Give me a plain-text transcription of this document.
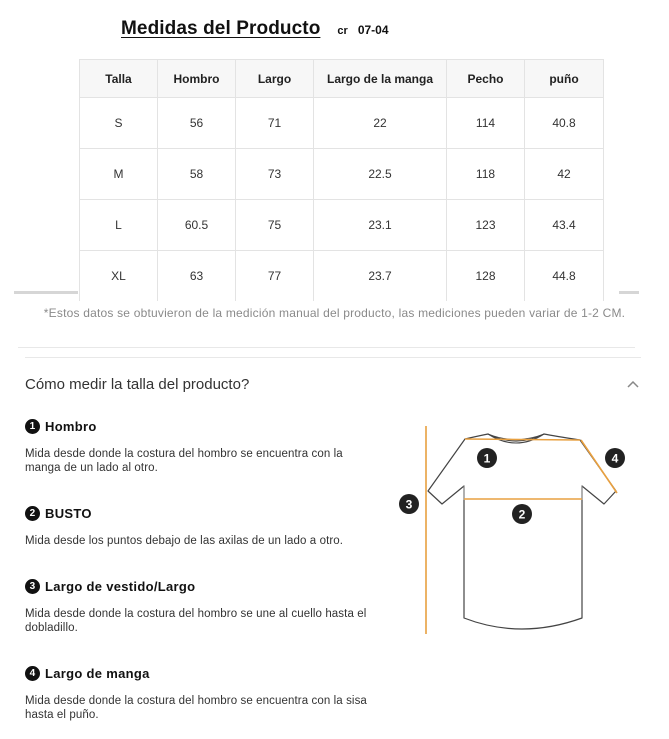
Medidas del Producto cr 07-04
Talla	Hombro	Largo	Largo de la manga	Pecho	puño
S	56	71	22	114	40.8
M	58	73	22.5	118	42
L	60.5	75	23.1	123	43.4
XL	63	77	23.7	128	44.8
*Estos datos se obtuvieron de la medición manual del producto, las mediciones pueden variar de 1-2 CM.
Cómo medir la talla del producto?
1 Hombro
Mida desde donde la costura del hombro se encuentra con la manga de un lado al otro.
2 BUSTO
Mida desde los puntos debajo de las axilas de un lado a otro.
3 Largo de vestido/Largo
Mida desde donde la costura del hombro se une al cuello hasta el dobladillo.
4 Largo de manga
Mida desde donde la costura del hombro se encuentra con la sisa hasta el puño.
1
2
3
4
